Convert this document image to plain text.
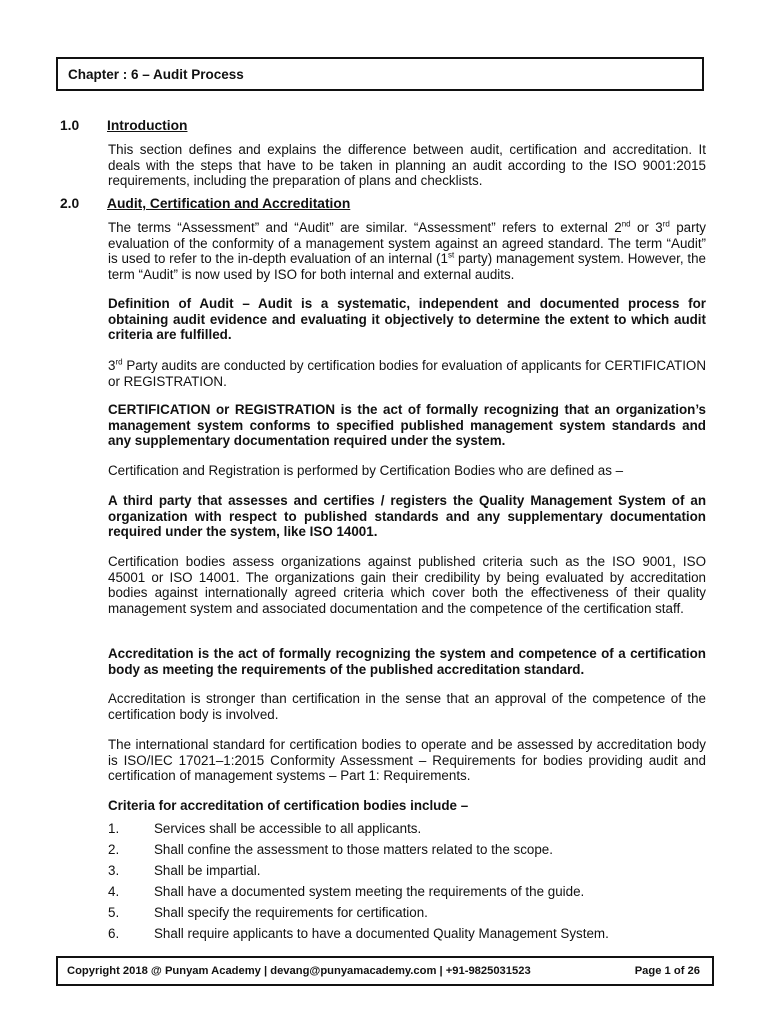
Chapter : 6 – Audit Process
1.0 Introduction

This section defines and explains the difference between audit, certification and accreditation. It deals with the steps that have to be taken in planning an audit according to the ISO 9001:2015 requirements, including the preparation of plans and checklists.

2.0 Audit, Certification and Accreditation

The terms “Assessment” and “Audit” are similar. “Assessment” refers to external 2nd or 3rd party evaluation of the conformity of a management system against an agreed standard. The term “Audit” is used to refer to the in-depth evaluation of an internal (1st party) management system. However, the term “Audit” is now used by ISO for both internal and external audits.

Definition of Audit – Audit is a systematic, independent and documented process for obtaining audit evidence and evaluating it objectively to determine the extent to which audit criteria are fulfilled.

3rd Party audits are conducted by certification bodies for evaluation of applicants for CERTIFICATION or REGISTRATION.

CERTIFICATION or REGISTRATION is the act of formally recognizing that an organization’s management system conforms to specified published management system standards and any supplementary documentation required under the system.

Certification and Registration is performed by Certification Bodies who are defined as –

A third party that assesses and certifies / registers the Quality Management System of an organization with respect to published standards and any supplementary documentation required under the system, like ISO 14001.

Certification bodies assess organizations against published criteria such as the ISO 9001, ISO 45001 or ISO 14001. The organizations gain their credibility by being evaluated by accreditation bodies against internationally agreed criteria which cover both the effectiveness of their quality management system and associated documentation and the competence of the certification staff.

Accreditation is the act of formally recognizing the system and competence of a certification body as meeting the requirements of the published accreditation standard.

Accreditation is stronger than certification in the sense that an approval of the competence of the certification body is involved.

The international standard for certification bodies to operate and be assessed by accreditation body is ISO/IEC 17021–1:2015 Conformity Assessment – Requirements for bodies providing audit and certification of management systems – Part 1: Requirements.

Criteria for accreditation of certification bodies include –

1.	Services shall be accessible to all applicants.
2.	Shall confine the assessment to those matters related to the scope.
3.	Shall be impartial.
4.	Shall have a documented system meeting the requirements of the guide.
5.	Shall specify the requirements for certification.
6.	Shall require applicants to have a documented Quality Management System.
Copyright 2018 @ Punyam Academy | devang@punyamacademy.com | +91-9825031523	Page 1 of 26
